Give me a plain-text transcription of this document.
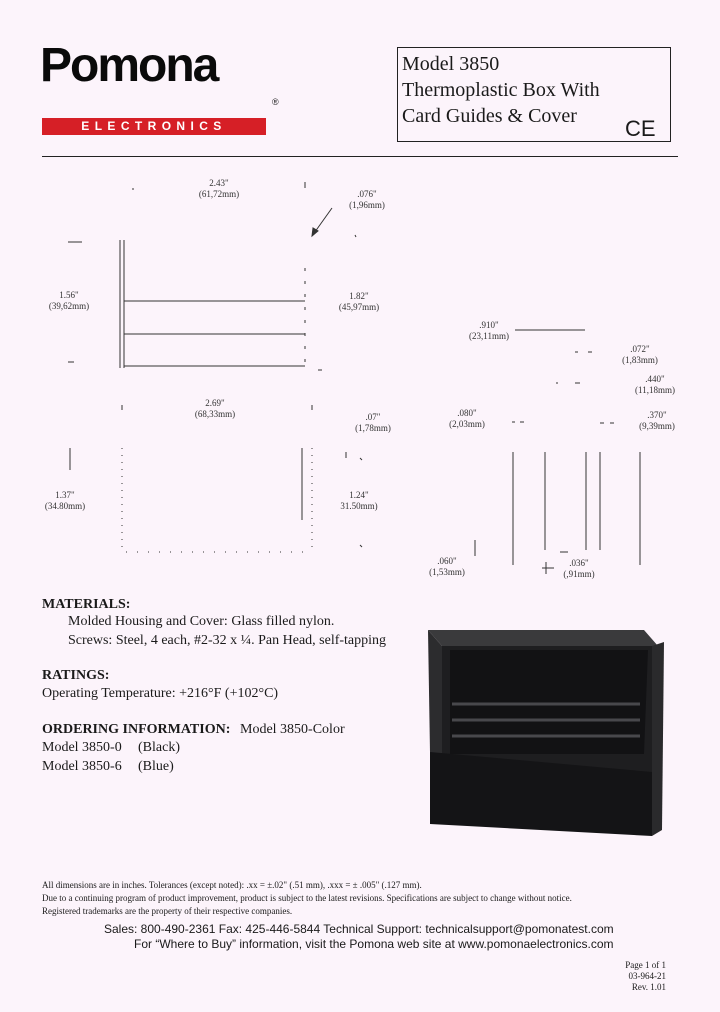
Pomona
®
ELECTRONICS
Model 3850
Thermoplastic Box With
Card Guides & Cover CE
2.43"
(61,72mm)	.076"
(1,96mm)
1.56"
(39,62mm)
1.82"
(45,97mm)
.910"
(23,11mm)
.072"
(1,83mm)
.440"
(11,18mm)
2.69"
(68,33mm)	.07"
(1,78mm)
.080"
(2,03mm)
.370"
(9,39mm)
1.37"
(34.80mm)
1.24"
31.50mm)
.060"
(1,53mm)
.036"
(,91mm)
MATERIALS:
Molded Housing and Cover: Glass filled nylon.
Screws: Steel, 4 each, #2-32 x ¼. Pan Head, self-tapping
RATINGS:
Operating Temperature: +216°F (+102°C)
ORDERING INFORMATION: Model 3850-Color
Model 3850-0 (Black)
Model 3850-6 (Blue)
All dimensions are in inches. Tolerances (except noted): .xx = ±.02" (.51 mm), .xxx = ± .005" (.127 mm).
Due to a continuing program of product improvement, product is subject to the latest revisions. Specifications are subject to change without notice.
Registered trademarks are the property of their respective companies.
Sales: 800-490-2361 Fax: 425-446-5844 Technical Support: technicalsupport@pomonatest.com
For “Where to Buy” information, visit the Pomona web site at www.pomonaelectronics.com
Page 1 of 1
03-964-21
Rev. 1.01
